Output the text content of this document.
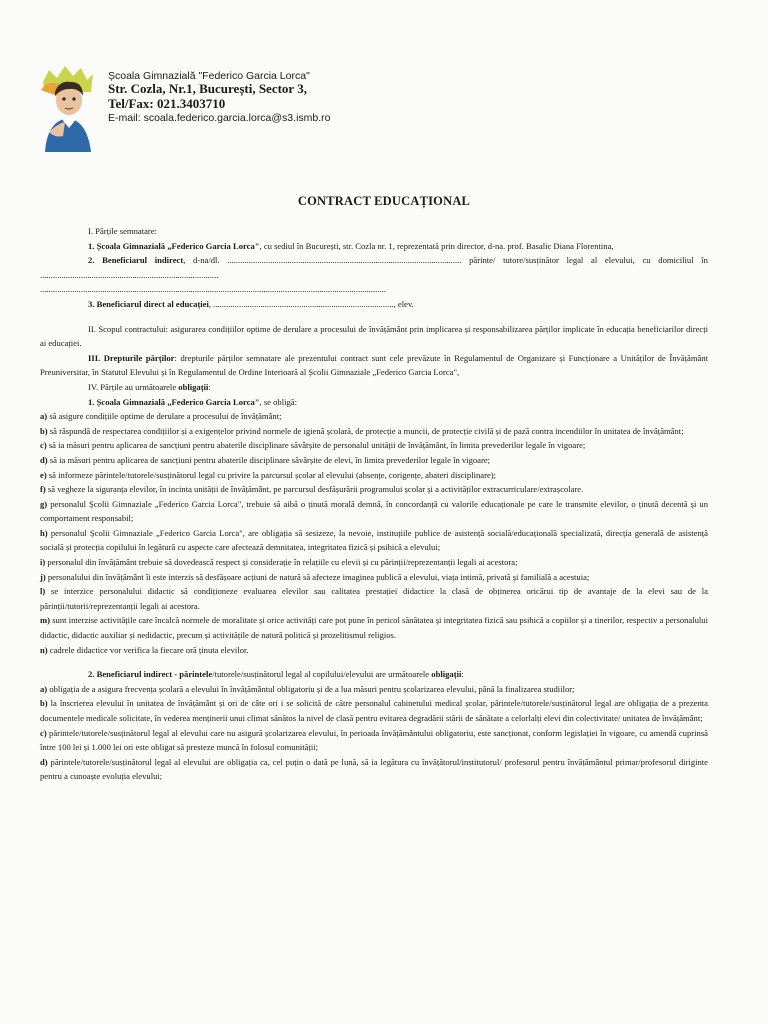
Școala Gimnazială "Federico Garcia Lorca"
Str. Cozla, Nr.1, București, Sector 3,
Tel/Fax: 021.3403710
E-mail: scoala.federico.garcia.lorca@s3.ismb.ro
CONTRACT EDUCAȚIONAL

I. Părțile semnatare:

1. Școala Gimnazială „Federico Garcia Lorca", cu sediul în București, str. Cozla nr. 1, reprezentată prin director, d-na. prof. Basalic Diana Florentina,

2. Beneficiarul indirect, d-na/dl. ............................................................................................................. părinte/ tutore/susținător legal al elevului, cu domiciliul în ...................................................................................

.................................................................................................................................................................

3. Beneficiarul direct al educației, ...................................................................................., elev.

II. Scopul contractului: asigurarea condițiilor optime de derulare a procesului de învățământ prin implicarea și responsabilizarea părților implicate în educația beneficiarilor direcți ai educației.

III. Drepturile părților: drepturile părților semnatare ale prezentului contract sunt cele prevăzute în Regulamentul de Organizare și Funcționare a Unităților de Învățământ Preuniversitar, în Statutul Elevului și în Regulamentul de Ordine Interioară al Școlii Gimnaziale „Federico Garcia Lorca",

IV. Părțile au următoarele obligații:

1. Școala Gimnazială „Federico Garcia Lorca", se obligă:

a) să asigure condițiile optime de derulare a procesului de învățământ;

b) să răspundă de respectarea condițiilor și a exigențelor privind normele de igienă școlară, de protecție a muncii, de protecție civilă și de pază contra incendiilor în unitatea de învățământ;

c) să ia măsuri pentru aplicarea de sancțiuni pentru abaterile disciplinare săvârșite de personalul unității de învățământ, în limita prevederilor legale în vigoare;

d) să ia măsuri pentru aplicarea de sancțiuni pentru abaterile disciplinare săvârșite de elevi, în limita prevederilor legale în vigoare;

e) să informeze părintele/tutorele/susținătorul legal cu privire la parcursul școlar al elevului (absențe, corigențe, abateri disciplinare);

f) să vegheze la siguranța elevilor, în incinta unității de învățământ, pe parcursul desfășurării programului școlar și a activităților extracurriculare/extrașcolare.

g) personalul Școlii Gimnaziale „Federico Garcia Lorca", trebuie să aibă o ținută morală demnă, în concordanță cu valorile educaționale pe care le transmite elevilor, o ținută decentă și un comportament responsabil;

h) personalul Școlii Gimnaziale „Federico Garcia Lorca", are obligația să sesizeze, la nevoie, instituțiile publice de asistență socială/educațională specializată, direcția generală de asistență socială și protecția copilului în legătură cu aspecte care afectează demnitatea, integritatea fizică și psihică a elevului;

i) personalul din învățământ trebuie să dovedească respect și considerație în relațiile cu elevii și cu părinții/reprezentanții legali ai acestora;

j) personalului din învățământ îi este interzis să desfășoare acțiuni de natură să afecteze imaginea publică a elevului, viața intimă, privată și familială a acestuia;

l) se interzice personalului didactic să condiționeze evaluarea elevilor sau calitatea prestației didactice la clasă de obținerea oricărui tip de avantaje de la elevi sau de la părinții/tutorii/reprezentanții legali ai acestora.

m) sunt interzise activitățile care încalcă normele de moralitate și orice activități care pot pune în pericol sănătatea și integritatea fizică sau psihică a copiilor și a tinerilor, respectiv a personalului didactic, didactic auxiliar și nedidactic, precum și activitățile de natură politică și prozelitismul religios.

n) cadrele didactice vor verifica la fiecare oră ținuta elevilor.

2. Beneficiarul indirect - părintele/tutorele/susținătorul legal al copilului/elevului are următoarele obligații:

a) obligația de a asigura frecvența școlară a elevului în învățământul obligatoriu și de a lua măsuri pentru școlarizarea elevului, până la finalizarea studiilor;

b) la înscrierea elevului în unitatea de învățământ și ori de câte ori i se solicită de către personalul cabinetului medical școlar, părintele/tutorele/susținătorul legal are obligația de a prezenta documentele medicale solicitate, în vederea menținerii unui climat sănătos la nivel de clasă pentru evitarea degradării stării de sănătate a celorlalți elevi din colectivitate/ unitatea de învățământ;

c) părintele/tutorele/susținătorul legal al elevului care nu asigură școlarizarea elevului, în perioada învățământului obligatoriu, este sancționat, conform legislației în vigoare, cu amendă cuprinsă între 100 lei și 1.000 lei ori este obligat să presteze muncă în folosul comunității;

d) părintele/tutorele/susținătorul legal al elevului are obligația ca, cel puțin o dată pe lună, să ia legătura cu învățătorul/institutorul/ profesorul pentru învățământul primar/profesorul diriginte pentru a cunoaște evoluția elevului;
